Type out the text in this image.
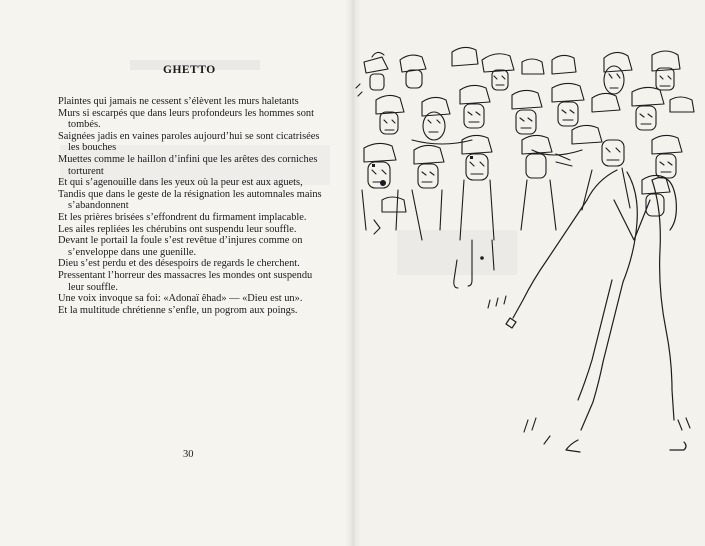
GHETTO
Plaintes qui jamais ne cessent s’élèvent les murs haletants
Murs si escarpés que dans leurs profondeurs les hommes sont
tombés.
Saignées jadis en vaines paroles aujourd’hui se sont cicatrisées
les bouches
Muettes comme le haillon d’infini que les arêtes des corniches
torturent
Et qui s’agenouille dans les yeux où la peur est aux aguets,
Tandis que dans le geste de la résignation les automnales mains
s’abandonnent
Et les prières brisées s’effondrent du firmament implacable.
Les ailes repliées les chérubins ont suspendu leur souffle.
Devant le portail la foule s’est revêtue d’injures comme on
s’enveloppe dans une guenille.
Dieu s’est perdu et des désespoirs de regards le cherchent.
Pressentant l’horreur des massacres les mondes ont suspendu
leur souffle.
Une voix invoque sa foi: «Adonaï êhad» — «Dieu est un».
Et la multitude chrétienne s’enfle, un pogrom aux poings.
30
